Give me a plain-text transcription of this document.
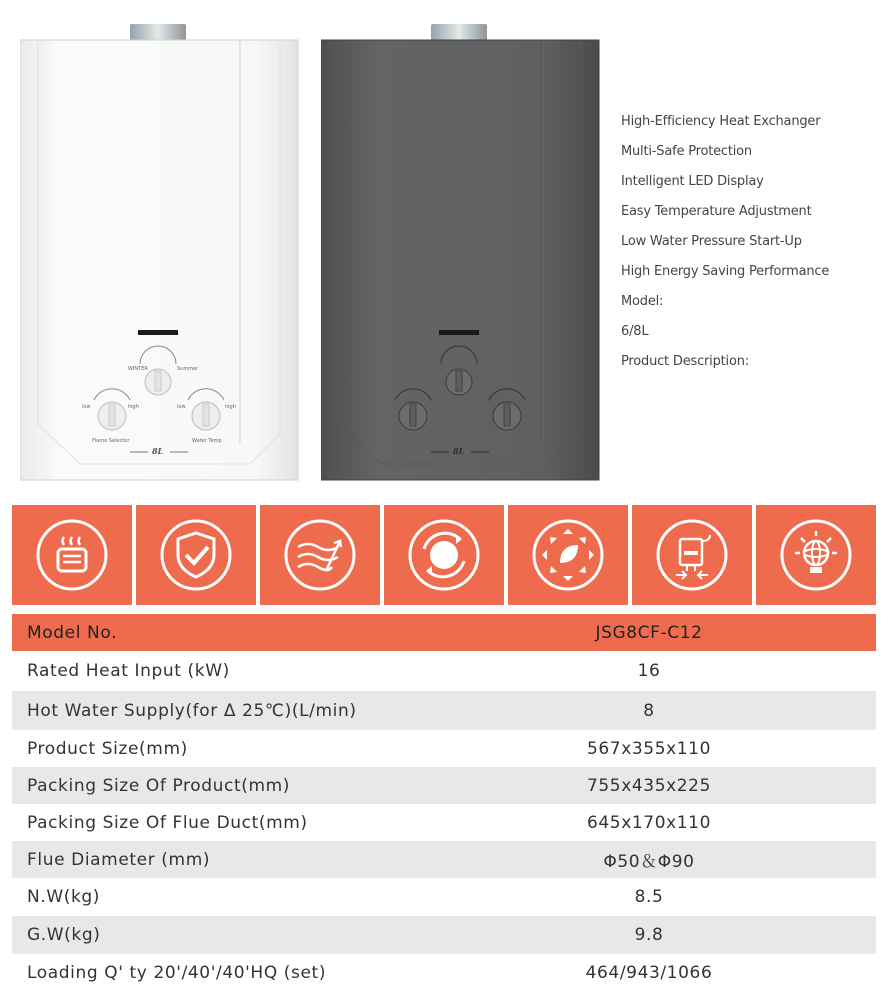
WINTER	Summer
low	high	low	high
Flame Selector	Water Temp
8L	8L
High-Efficiency Heat Exchanger
Multi-Safe Protection
Intelligent LED Display
Easy Temperature Adjustment
Low Water Pressure Start-Up
High Energy Saving Performance
Model:
6/8L
Product Description:
Model No.	JSG8CF-C12
Rated Heat Input (kW)	16
Hot Water Supply(for Δ 25℃)(L/min)	8
Product Size(mm)	567x355x110
Packing Size Of Product(mm)	755x435x225
Packing Size Of Flue Duct(mm)	645x170x110
Flue Diameter (mm)	Φ50＆Φ90
N.W(kg)	8.5
G.W(kg)	9.8
Loading Q' ty 20'/40'/40'HQ (set)	464/943/1066
